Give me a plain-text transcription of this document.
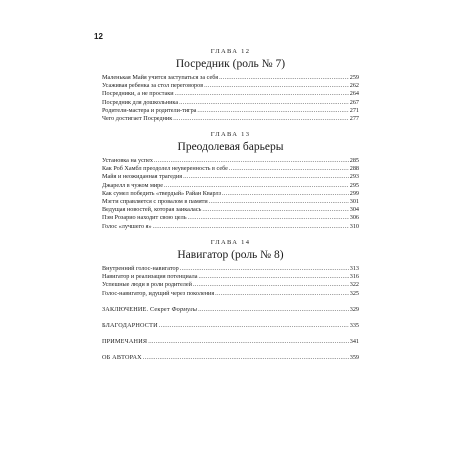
12
ГЛАВА 12
Посредник (роль № 7)
Маленькая Майя учится заступаться за себя .....	259
Усаживая ребенка за стол переговоров .....	262
Посредники, а не простаки .....	264
Посредник для дошкольника .....	267
Родители-мастера и родители-тигра .....	271
Чего достигает Посредник .....	277
ГЛАВА 13
Преодолевая барьеры
Установка на успех .....	285
Как Роб Хамбл преодолел неуверенность в себе .....	288
Майя и неожиданная трагедия .....	293
Джарелл в чужом мире .....	295
Как сумел победить «твердый» Райан Кварлз .....	299
Мэгги справляется с провалом в памяти .....	301
Ведущая новостей, которая заикалась .....	304
Пэм Розарио находит свою цель .....	306
Голос «лучшего я» .....	310
ГЛАВА 14
Навигатор (роль № 8)
Внутренний голос-навигатор .....	313
Навигатор и реализация потенциала .....	316
Успешные люди в роли родителей .....	322
Голос-навигатор, идущий через поколения .....	325
ЗАКЛЮЧЕНИЕ. Секрет Формулы .....	329
БЛАГОДАРНОСТИ .....	335
ПРИМЕЧАНИЯ .....	341
ОБ АВТОРАХ .....	359
